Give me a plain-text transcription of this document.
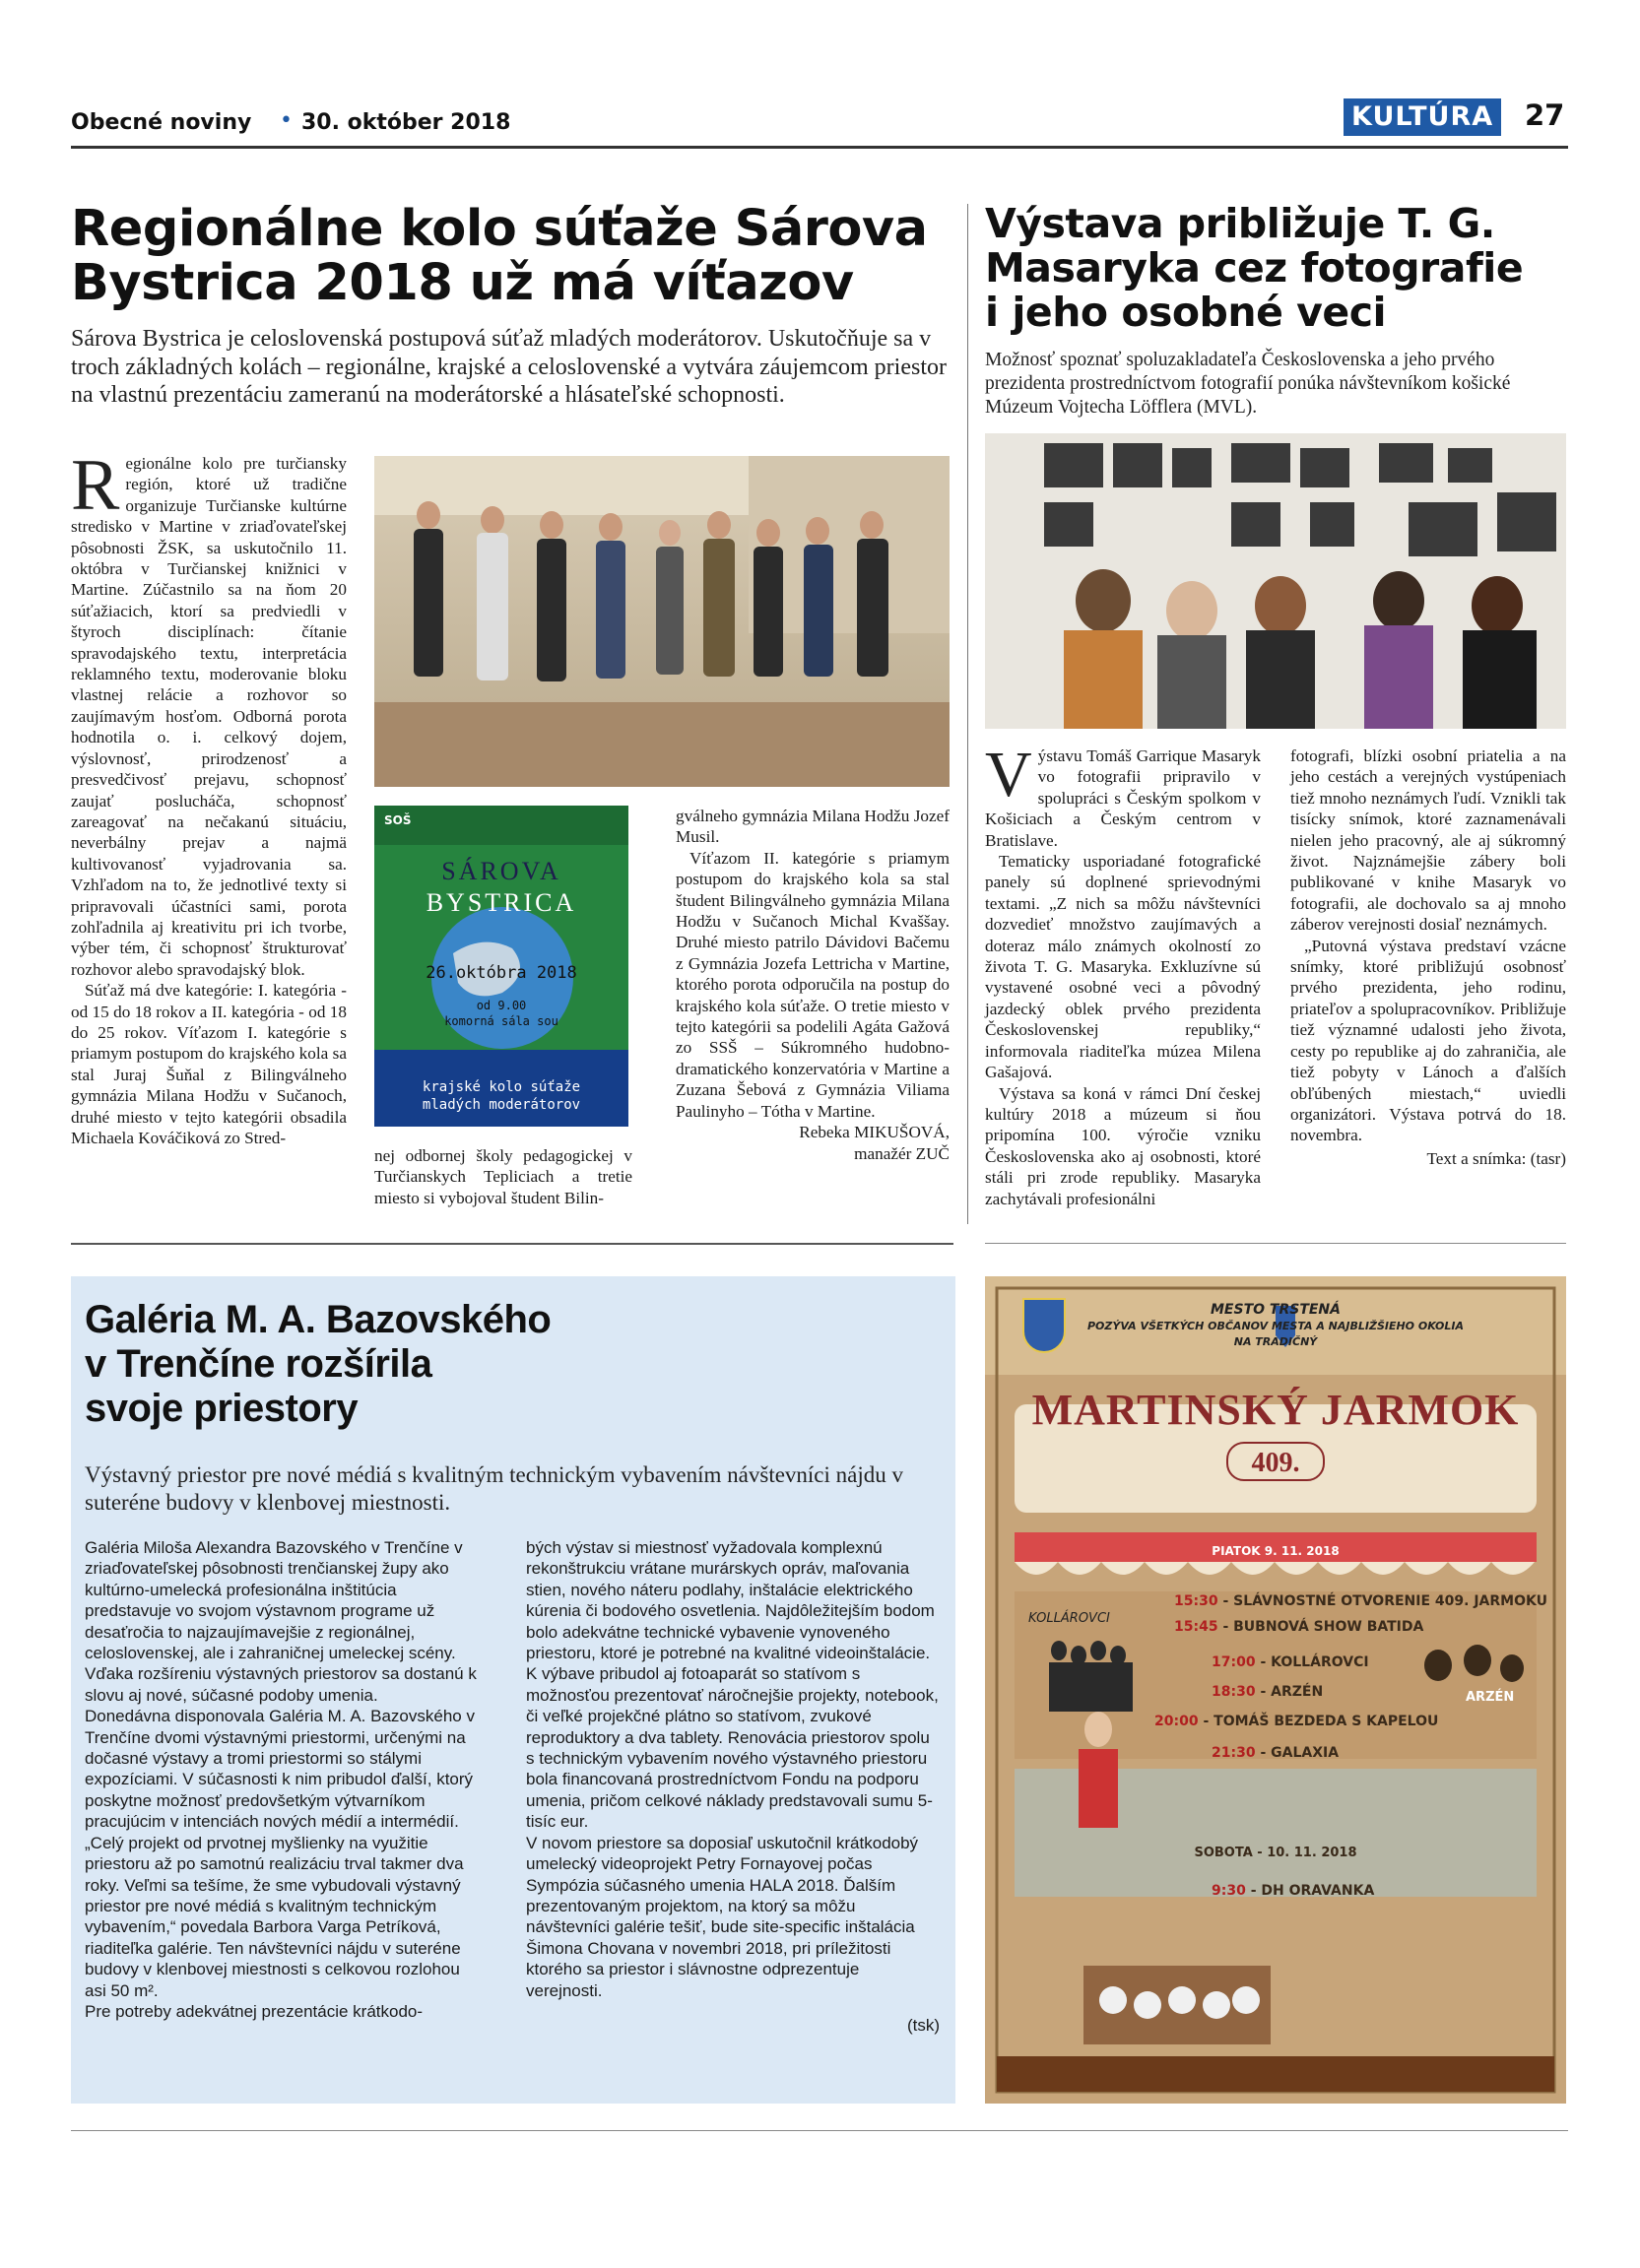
Obecné noviny • 30. október 2018	KULTÚRA 27
Regionálne kolo súťaže Sárova
Bystrica 2018 už má víťazov
Sárova Bystrica je celoslovenská postupová súťaž mladých moderátorov. Uskutočňuje sa v troch základných kolách – regionálne, krajské a celoslovenské a vytvára záujemcom priestor na vlastnú prezentáciu zameranú na moderátorské a hlásateľské schopnosti.
R egionálne kolo pre turčiansky región, ktoré už tradične organizuje Turčianske kultúrne stredisko v Martine v zriaďovateľskej pôsobnosti ŽSK, sa uskutočnilo 11. októbra v Turčianskej knižnici v Martine. Zúčastnilo sa na ňom 20 súťažiacich, ktorí sa predviedli v štyroch disciplínach: čítanie spravodajského textu, interpretácia reklamného textu, moderovanie bloku vlastnej relácie a rozhovor so zaujímavým hosťom. Odborná porota hodnotila o. i. celkový dojem, výslovnosť, prirodzenosť a presvedčivosť prejavu, schopnosť zaujať poslucháča, schopnosť zareagovať na nečakanú situáciu, neverbálny prejav a najmä kultivovanosť vyjadrovania sa. Vzhľadom na to, že jednotlivé texty si pripravovali účastníci sami, porota zohľadnila aj kreativitu pri ich tvorbe, výber tém, či schopnosť štrukturovať rozhovor alebo spravodajský blok.

Súťaž má dve kategórie: I. kategória - od 15 do 18 rokov a II. kategória - od 18 do 25 rokov. Víťazom I. kategórie s priamym postupom do krajského kola sa stal Juraj Šuňal z Bilingválneho gymnázia Milana Hodžu v Sučanoch, druhé miesto v tejto kategórii obsadila Michaela Kováčiková zo Stred-

SOŠ
SÁROVA
BYSTRICA
26.októbra 2018
od 9.00
komorná sála sou
krajské kolo súťaže
mladých moderátorov

nej odbornej školy pedagogickej v Turčianskych Tepliciach a tretie miesto si vybojoval študent Bilin-

gválneho gymnázia Milana Hodžu Jozef Musil.

Víťazom II. kategórie s priamym postupom do krajského kola sa stal študent Bilingválneho gymnázia Milana Hodžu v Sučanoch Michal Kvaššay. Druhé miesto patrilo Dávidovi Bačemu z Gymnázia Jozefa Lettricha v Martine, ktorého porota odporučila na postup do krajského kola súťaže. O tretie miesto v tejto kategórii sa podelili Agáta Gažová zo SSŠ – Súkromného hudobno-dramatického konzervatória v Martine a Zuzana Šebová z Gymnázia Viliama Paulinyho – Tótha v Martine.

Rebeka MIKUŠOVÁ,
manažér ZUČ
Výstava približuje T. G.
Masaryka cez fotografie
i jeho osobné veci
Možnosť spoznať spoluzakladateľa Československa a jeho prvého prezidenta prostredníctvom fotografií ponúka návštevníkom košické Múzeum Vojtecha Löfflera (MVL).
V ýstavu Tomáš Garrique Masaryk vo fotografii pripravilo v spolupráci s Českým spolkom v Košiciach a Českým centrom v Bratislave.

Tematicky usporiadané fotografické panely sú doplnené sprievodnými textami. „Z nich sa môžu návštevníci dozvedieť množstvo zaujímavých a doteraz málo známych okolností zo života T. G. Masaryka. Exkluzívne sú vystavené osobné veci a pôvodný jazdecký oblek prvého prezidenta Československej republiky,“ informovala riaditeľka múzea Milena Gašajová.

Výstava sa koná v rámci Dní českej kultúry 2018 a múzeum si ňou pripomína 100. výročie vzniku Československa ako aj osobnosti, ktoré stáli pri zrode republiky. Masaryka zachytávali profesionálni

fotografi, blízki osobní priatelia a na jeho cestách a verejných vystúpeniach tiež mnoho neznámych ľudí. Vznikli tak tisícky snímok, ktoré zaznamenávali nielen jeho pracovný, ale aj súkromný život. Najznámejšie zábery boli publikované v knihe Masaryk vo fotografii, ale dochovalo sa aj mnoho záberov verejnosti dosiaľ neznámych.

„Putovná výstava predstaví vzácne snímky, ktoré približujú osobnosť prvého prezidenta, jeho rodinu, priateľov a spolupracovníkov. Približuje tiež významné udalosti jeho života, cesty po republike aj do zahraničia, ale tiež pobyty v Lánoch a ďalších obľúbených miestach,“ uviedli organizátori. Výstava potrvá do 18. novembra.

Text a snímka: (tasr)
Galéria M. A. Bazovského
v Trenčíne rozšírila
svoje priestory
Výstavný priestor pre nové médiá s kvalitným technickým vybavením návštevníci nájdu v suteréne budovy v klenbovej miestnosti.

Galéria Miloša Alexandra Bazovského v Trenčíne v zriaďovateľskej pôsobnosti trenčianskej župy ako kultúrno-umelecká profesionálna inštitúcia predstavuje vo svojom výstavnom programe už desaťročia to najzaujímavejšie z regionálnej, celoslovenskej, ale i zahraničnej umeleckej scény. Vďaka rozšíreniu výstavných priestorov sa dostanú k slovu aj nové, súčasné podoby umenia.

Donedávna disponovala Galéria M. A. Bazovského v Trenčíne dvomi výstavnými priestormi, určenými na dočasné výstavy a tromi priestormi so stálymi expozíciami. V súčasnosti k nim pribudol ďalší, ktorý poskytne možnosť predovšetkým výtvarníkom pracujúcim v intenciách nových médií a intermédií. „Celý projekt od prvotnej myšlienky na využitie priestoru až po samotnú realizáciu trval takmer dva roky. Veľmi sa tešíme, že sme vybudovali výstavný priestor pre nové médiá s kvalitným technickým vybavením,“ povedala Barbora Varga Petríková, riaditeľka galérie. Ten návštevníci nájdu v suteréne budovy v klenbovej miestnosti s celkovou rozlohou asi 50 m².

Pre potreby adekvátnej prezentácie krátkodo-

bých výstav si miestnosť vyžadovala komplexnú rekonštrukciu vrátane murárskych opráv, maľovania stien, nového náteru podlahy, inštalácie elektrického kúrenia či bodového osvetlenia. Najdôležitejším bodom bolo adekvátne technické vybavenie vynoveného priestoru, ktoré je potrebné na kvalitné videoinštalácie. K výbave pribudol aj fotoaparát so statívom s možnosťou prezentovať náročnejšie projekty, notebook, či veľké projekčné plátno so statívom, zvukové reproduktory a dva tablety. Renovácia priestorov spolu s technickým vybavením nového výstavného priestoru bola financovaná prostredníctvom Fondu na podporu umenia, pričom celkové náklady predstavovali sumu 5-tisíc eur.

V novom priestore sa doposiaľ uskutočnil krátkodobý umelecký videoprojekt Petry Fornayovej počas Sympózia súčasného umenia HALA 2018. Ďalším prezentovaným projektom, na ktorý sa môžu návštevníci galérie tešiť, bude site-specific inštalácia Šimona Chovana v novembri 2018, pri príležitosti ktorého sa priestor i slávnostne odprezentuje verejnosti.

(tsk)
MESTO TRSTENÁ
POZÝVA VŠETKÝCH OBČANOV MESTA A NAJBLIŽŠIEHO OKOLIA
NA TRADIČNÝ
MARTINSKÝ JARMOK
409.
PIATOK 9. 11. 2018
KOLLÁROVCI
ARZÉN
15:30 - SLÁVNOSTNÉ OTVORENIE 409. JARMOKU
15:45 - BUBNOVÁ SHOW BATIDA
17:00 - KOLLÁROVCI
18:30 - ARZÉN
20:00 - TOMÁŠ BEZDEDA S KAPELOU
21:30 - GALAXIA
SOBOTA - 10. 11. 2018
9:30 - DH ORAVANKA
